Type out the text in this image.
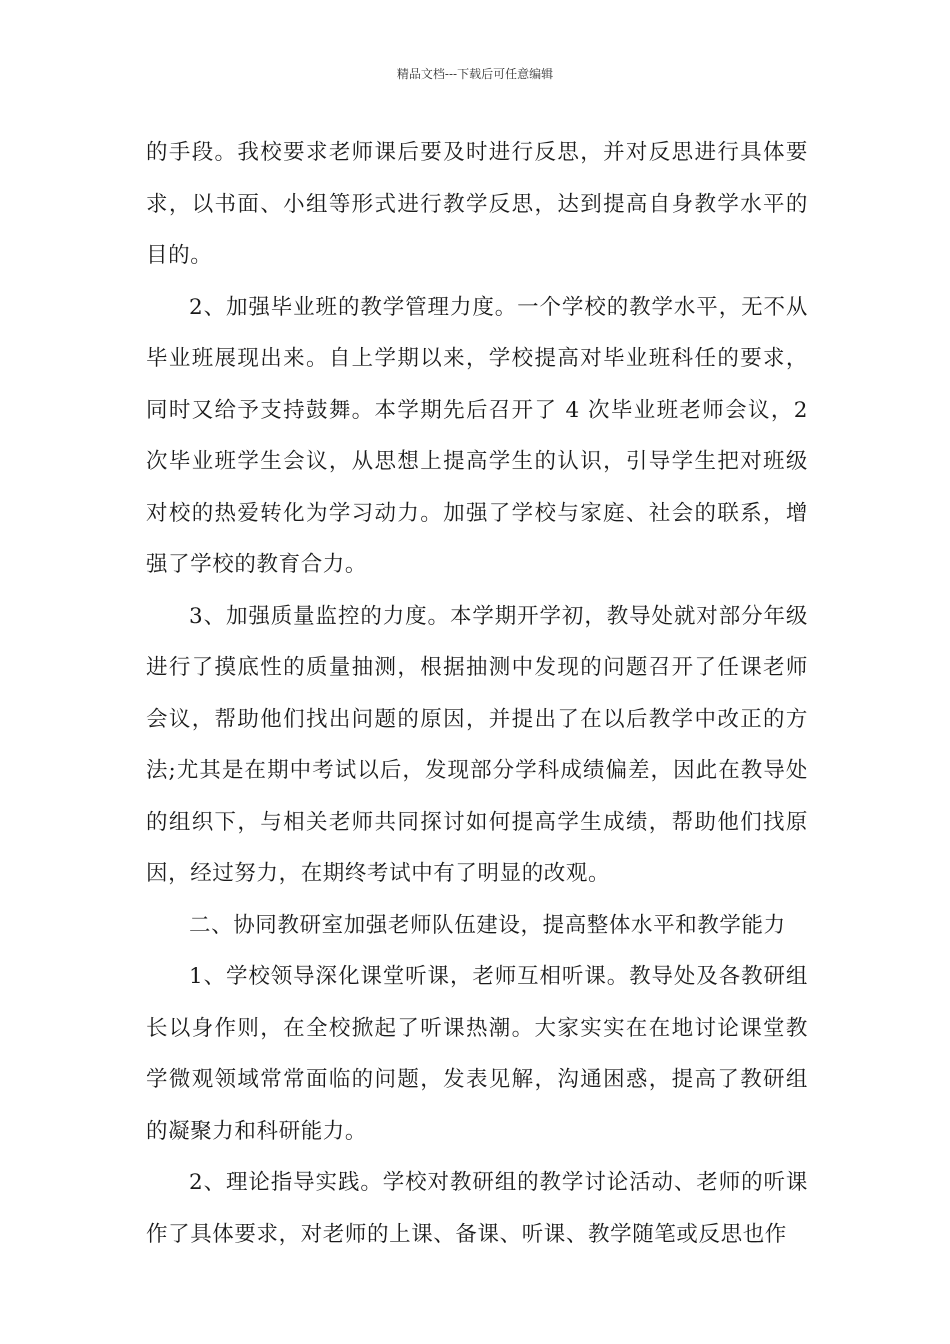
精品文档---下载后可任意编辑

的手段。我校要求老师课后要及时进行反思，并对反思进行具体要求，以书面、小组等形式进行教学反思，达到提高自身教学水平的目的。

2、加强毕业班的教学管理力度。一个学校的教学水平，无不从毕业班展现出来。自上学期以来，学校提高对毕业班科任的要求，同时又给予支持鼓舞。本学期先后召开了 4 次毕业班老师会议，2 次毕业班学生会议，从思想上提高学生的认识，引导学生把对班级对校的热爱转化为学习动力。加强了学校与家庭、社会的联系，增强了学校的教育合力。

3、加强质量监控的力度。本学期开学初，教导处就对部分年级进行了摸底性的质量抽测，根据抽测中发现的问题召开了任课老师会议，帮助他们找出问题的原因，并提出了在以后教学中改正的方法;尤其是在期中考试以后，发现部分学科成绩偏差，因此在教导处的组织下，与相关老师共同探讨如何提高学生成绩，帮助他们找原因，经过努力，在期终考试中有了明显的改观。

二、协同教研室加强老师队伍建设，提高整体水平和教学能力

1、学校领导深化课堂听课，老师互相听课。教导处及各教研组长以身作则，在全校掀起了听课热潮。大家实实在在地讨论课堂教学微观领域常常面临的问题，发表见解，沟通困惑，提高了教研组的凝聚力和科研能力。

2、理论指导实践。学校对教研组的教学讨论活动、老师的听课作了具体要求，对老师的上课、备课、听课、教学随笔或反思也作
